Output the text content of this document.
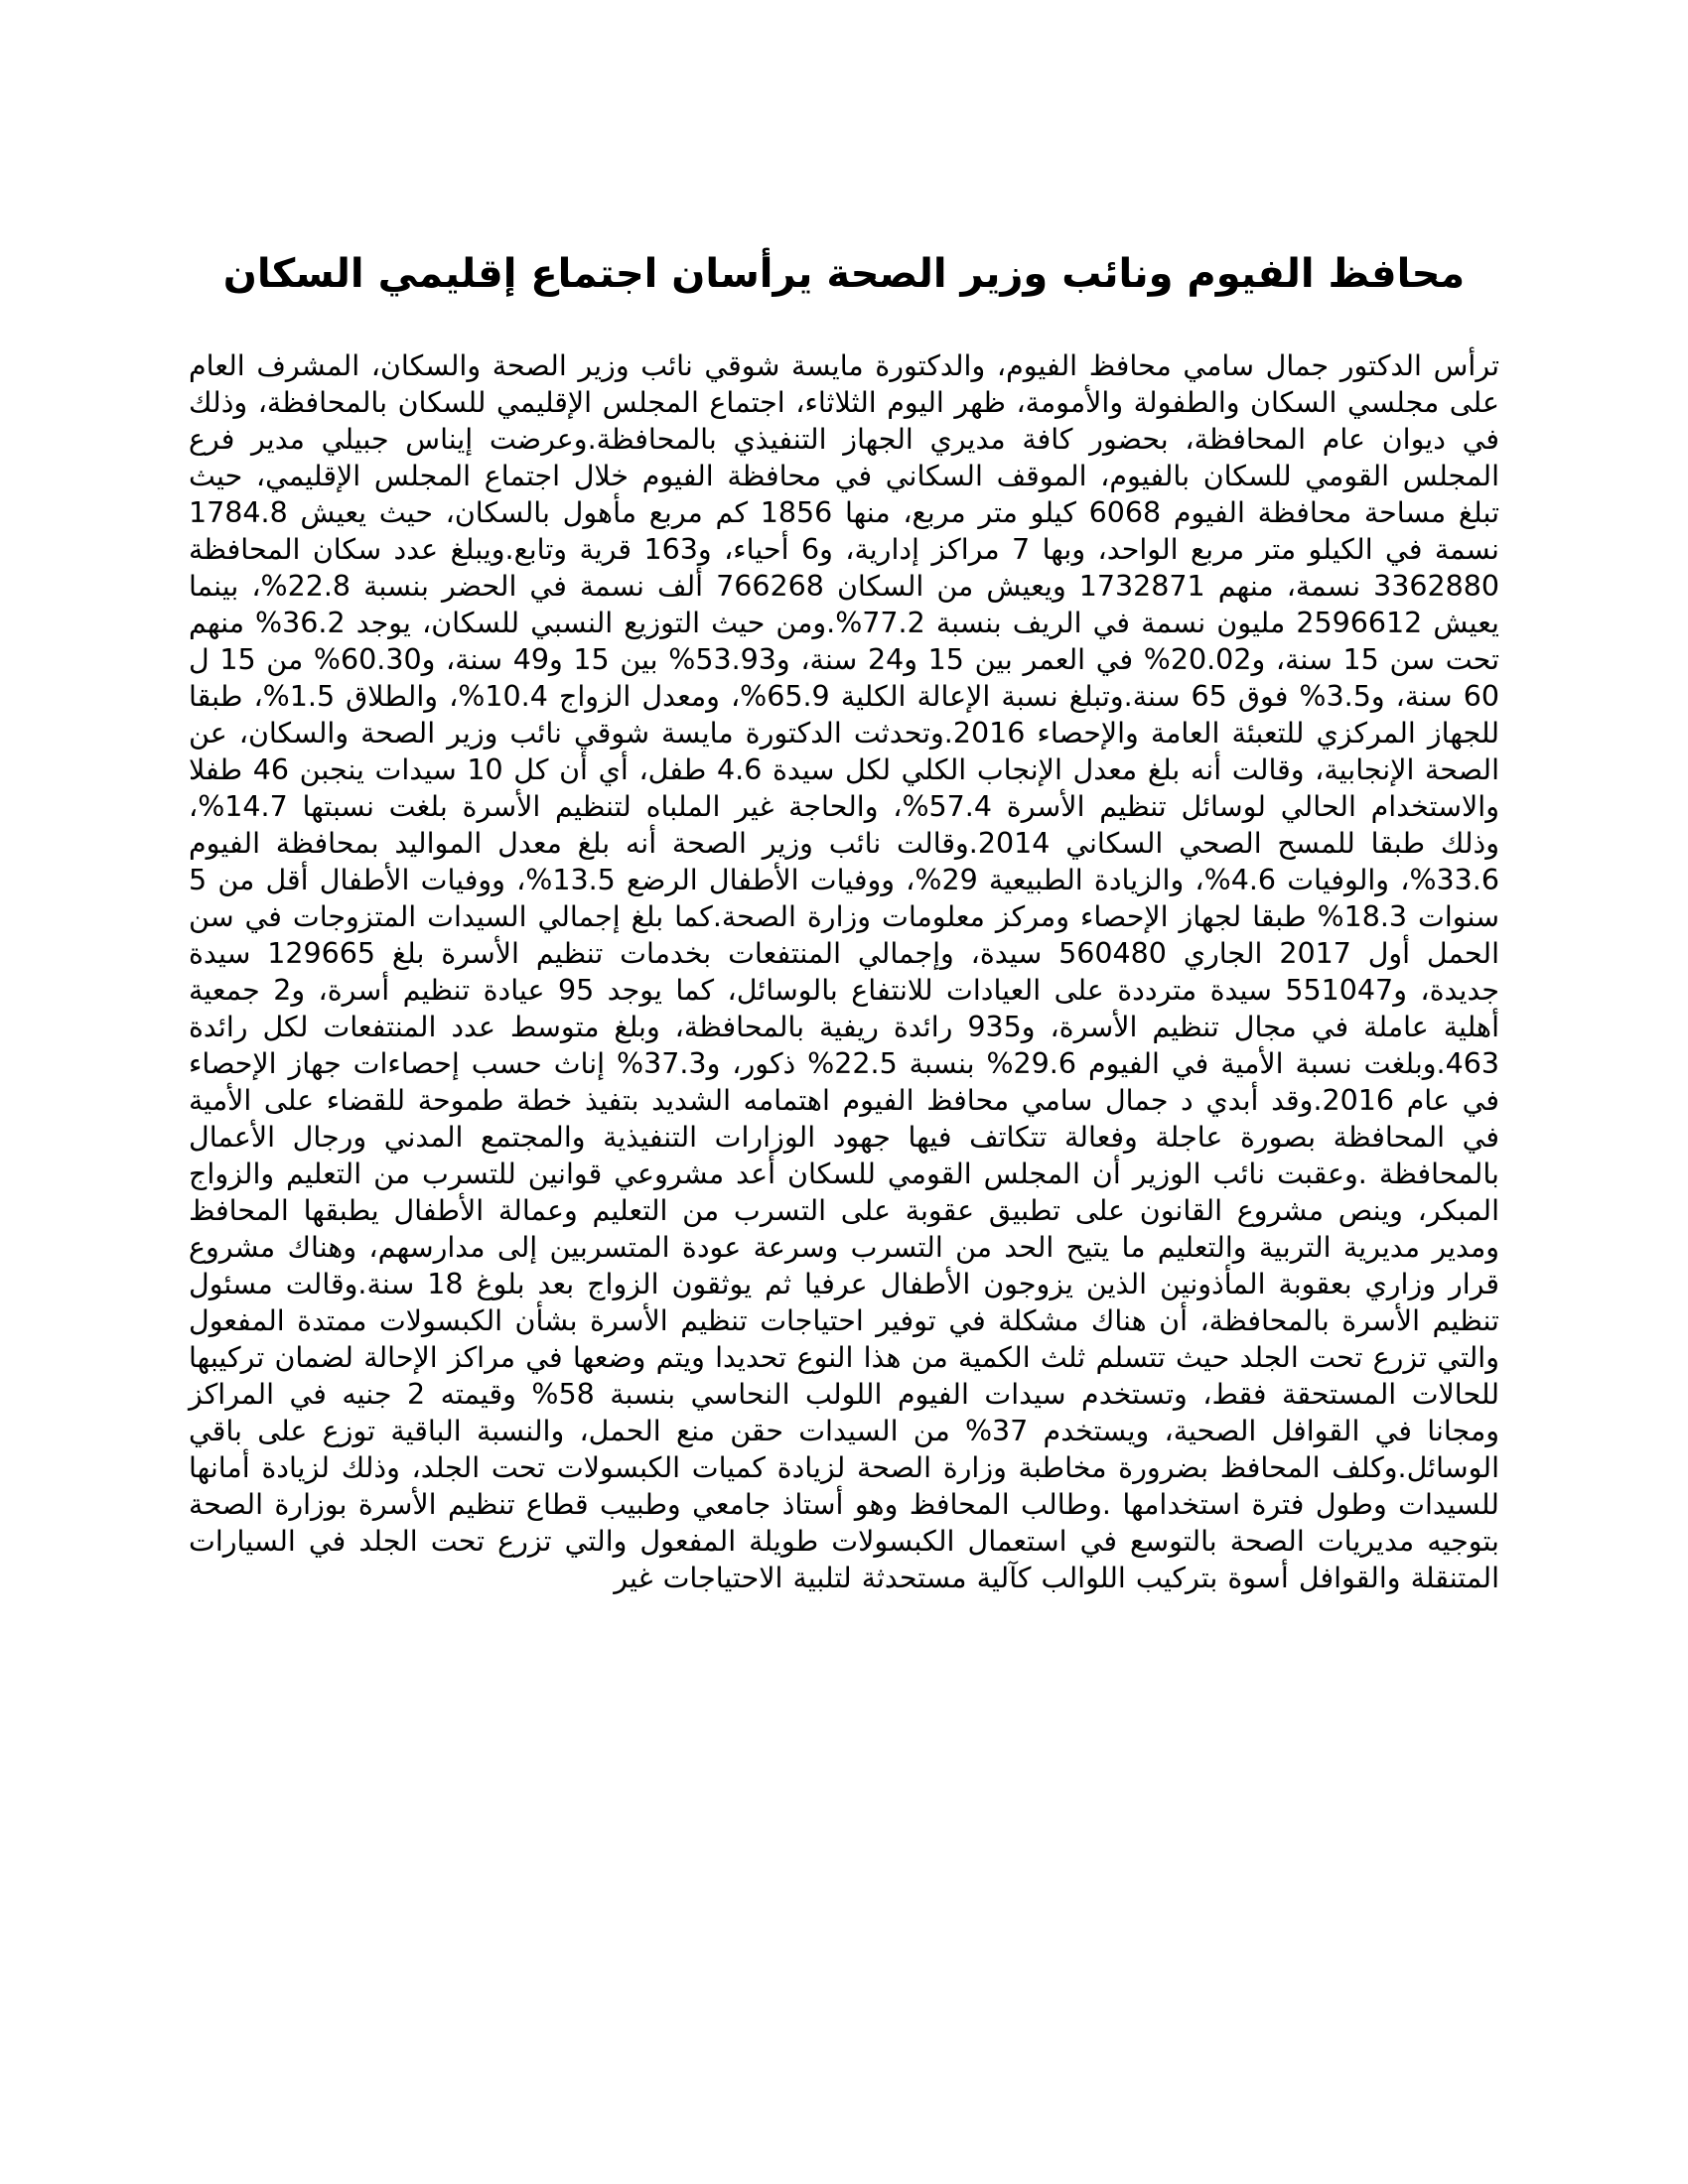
محافظ الفيوم ونائب وزير الصحة يرأسان اجتماع إقليمي السكان

ترأس الدكتور جمال سامي محافظ الفيوم، والدكتورة مايسة شوقي نائب وزير الصحة والسكان، المشرف العام على مجلسي السكان والطفولة والأمومة، ظهر اليوم الثلاثاء، اجتماع المجلس الإقليمي للسكان بالمحافظة، وذلك في ديوان عام المحافظة، بحضور كافة مديري الجهاز التنفيذي بالمحافظة.وعرضت إيناس جبيلي مدير فرع المجلس القومي للسكان بالفيوم، الموقف السكاني في محافظة الفيوم خلال اجتماع المجلس الإقليمي، حيث تبلغ مساحة محافظة الفيوم 6068 كيلو متر مربع، منها 1856 كم مربع مأهول بالسكان، حيث يعيش 1784.8 نسمة في الكيلو متر مربع الواحد، وبها 7 مراكز إدارية، و6 أحياء، و163 قرية وتابع.ويبلغ عدد سكان المحافظة 3362880 نسمة، منهم 1732871 ويعيش من السكان 766268 ألف نسمة في الحضر بنسبة 22.8%، بينما يعيش 2596612 مليون نسمة في الريف بنسبة 77.2%.ومن حيث التوزيع النسبي للسكان، يوجد 36.2% منهم تحت سن 15 سنة، و20.02% في العمر بين 15 و24 سنة، و53.93% بين 15 و49 سنة، و60.30% من 15 ل 60 سنة، و3.5% فوق 65 سنة.وتبلغ نسبة الإعالة الكلية 65.9%، ومعدل الزواج 10.4%، والطلاق 1.5%، طبقا للجهاز المركزي للتعبئة العامة والإحصاء 2016.وتحدثت الدكتورة مايسة شوقي نائب وزير الصحة والسكان، عن الصحة الإنجابية، وقالت أنه بلغ معدل الإنجاب الكلي لكل سيدة 4.6 طفل، أي أن كل 10 سيدات ينجبن 46 طفلا والاستخدام الحالي لوسائل تنظيم الأسرة 57.4%، والحاجة غير الملباه لتنظيم الأسرة بلغت نسبتها 14.7%، وذلك طبقا للمسح الصحي السكاني 2014.وقالت نائب وزير الصحة أنه بلغ معدل المواليد بمحافظة الفيوم 33.6%، والوفيات 4.6%، والزيادة الطبيعية 29%، ووفيات الأطفال الرضع 13.5%، ووفيات الأطفال أقل من 5 سنوات 18.3% طبقا لجهاز الإحصاء ومركز معلومات وزارة الصحة.كما بلغ إجمالي السيدات المتزوجات في سن الحمل أول 2017 الجاري 560480 سيدة، وإجمالي المنتفعات بخدمات تنظيم الأسرة بلغ 129665 سيدة جديدة، و551047 سيدة مترددة على العيادات للانتفاع بالوسائل، كما يوجد 95 عيادة تنظيم أسرة، و2 جمعية أهلية عاملة في مجال تنظيم الأسرة، و935 رائدة ريفية بالمحافظة، وبلغ متوسط عدد المنتفعات لكل رائدة 463.وبلغت نسبة الأمية في الفيوم 29.6% بنسبة 22.5% ذكور، و37.3% إناث حسب إحصاءات جهاز الإحصاء في عام 2016.وقد أبدي د جمال سامي محافظ الفيوم اهتمامه الشديد بتفيذ خطة طموحة للقضاء على الأمية في المحافظة بصورة عاجلة وفعالة تتكاتف فيها جهود الوزارات التنفيذية والمجتمع المدني ورجال الأعمال بالمحافظة .وعقبت نائب الوزير أن المجلس القومي للسكان أعد مشروعي قوانين للتسرب من التعليم والزواج المبكر، وينص مشروع القانون على تطبيق عقوبة على التسرب من التعليم وعمالة الأطفال يطبقها المحافظ ومدير مديرية التربية والتعليم ما يتيح الحد من التسرب وسرعة عودة المتسربين إلى مدارسهم، وهناك مشروع قرار وزاري بعقوبة المأذونين الذين يزوجون الأطفال عرفيا ثم يوثقون الزواج بعد بلوغ 18 سنة.وقالت مسئول تنظيم الأسرة بالمحافظة، أن هناك مشكلة في توفير احتياجات تنظيم الأسرة بشأن الكبسولات ممتدة المفعول والتي تزرع تحت الجلد حيث تتسلم ثلث الكمية من هذا النوع تحديدا ويتم وضعها في مراكز الإحالة لضمان تركيبها للحالات المستحقة فقط، وتستخدم سيدات الفيوم اللولب النحاسي بنسبة 58% وقيمته 2 جنيه في المراكز ومجانا في القوافل الصحية، ويستخدم 37% من السيدات حقن منع الحمل، والنسبة الباقية توزع على باقي الوسائل.وكلف المحافظ بضرورة مخاطبة وزارة الصحة لزيادة كميات الكبسولات تحت الجلد، وذلك لزيادة أمانها للسيدات وطول فترة استخدامها .وطالب المحافظ وهو أستاذ جامعي وطبيب قطاع تنظيم الأسرة بوزارة الصحة بتوجيه مديريات الصحة بالتوسع في استعمال الكبسولات طويلة المفعول والتي تزرع تحت الجلد في السيارات المتنقلة والقوافل أسوة بتركيب اللوالب كآلية مستحدثة لتلبية الاحتياجات غير
